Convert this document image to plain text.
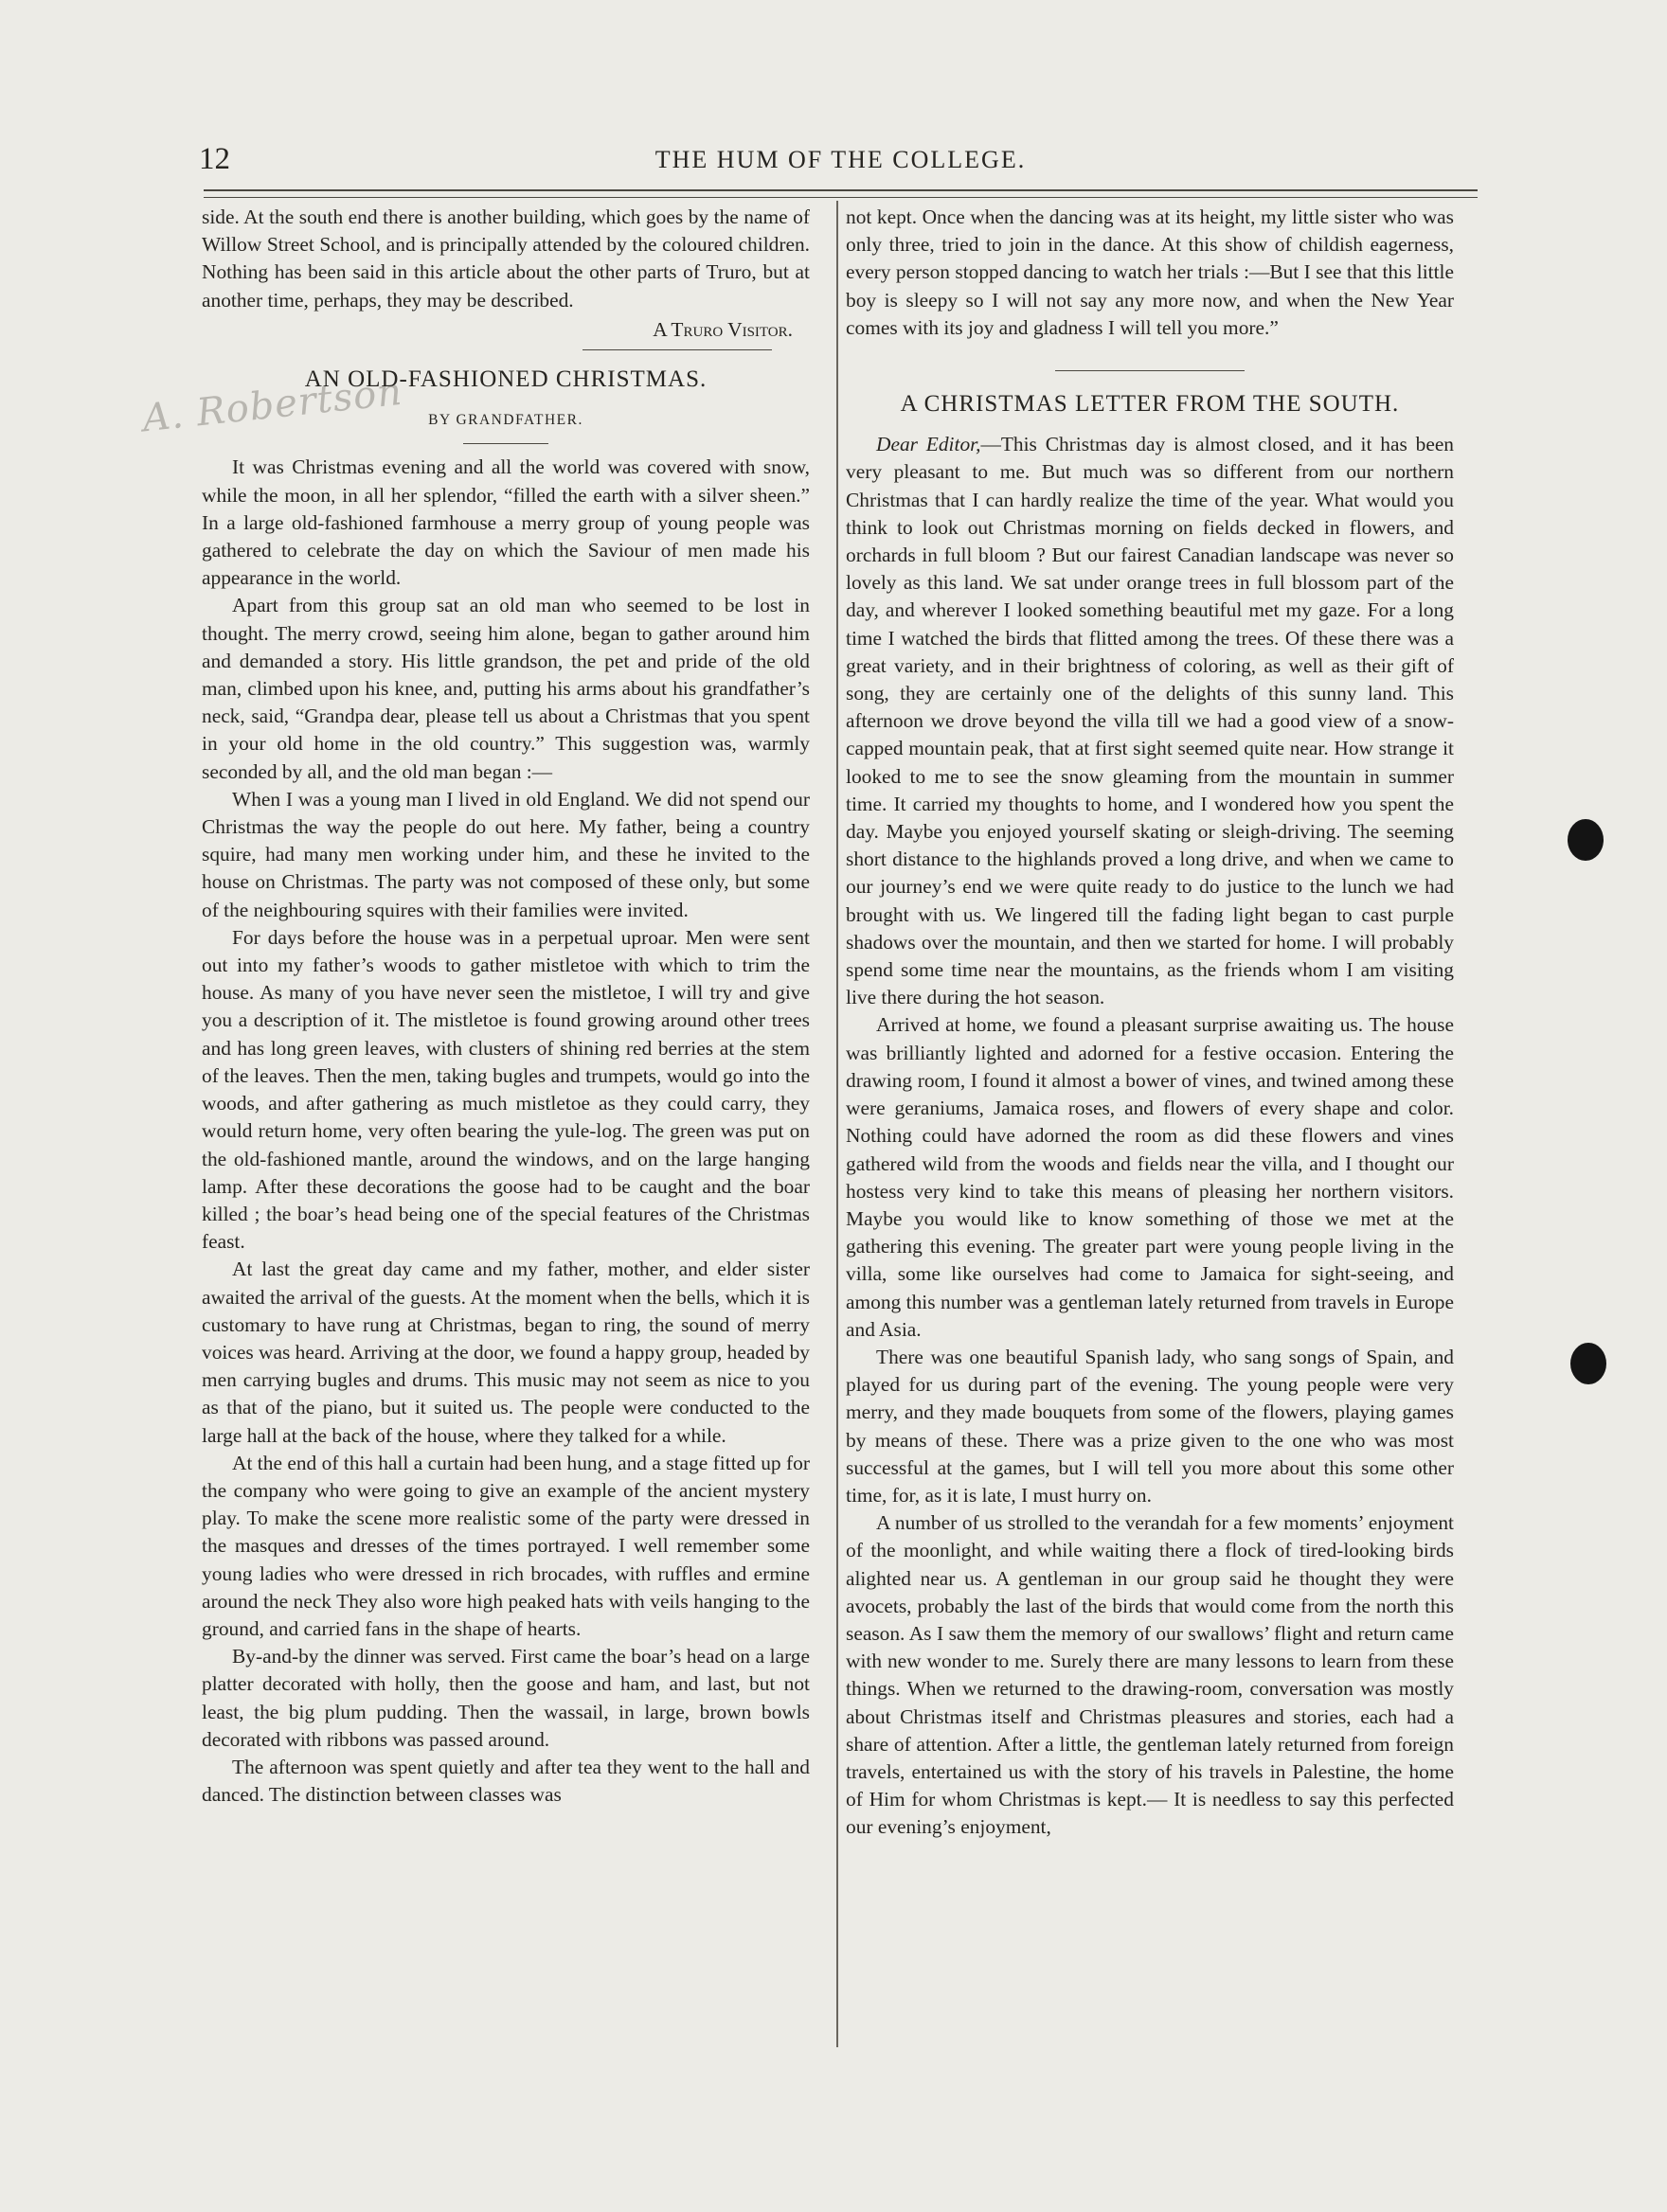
12	THE HUM OF THE COLLEGE.
A. Robertson

side. At the south end there is another building, which goes by the name of Willow Street School, and is principally attended by the coloured children. Nothing has been said in this article about the other parts of Truro, but at another time, perhaps, they may be described.

A Truro Visitor.
AN OLD-FASHIONED CHRISTMAS.
BY GRANDFATHER.

It was Christmas evening and all the world was covered with snow, while the moon, in all her splendor, “filled the earth with a silver sheen.” In a large old-fashioned farmhouse a merry group of young people was gathered to celebrate the day on which the Saviour of men made his appearance in the world.

Apart from this group sat an old man who seemed to be lost in thought. The merry crowd, seeing him alone, began to gather around him and demanded a story. His little grandson, the pet and pride of the old man, climbed upon his knee, and, putting his arms about his grandfather’s neck, said, “Grandpa dear, please tell us about a Christmas that you spent in your old home in the old country.” This suggestion was, warmly seconded by all, and the old man began :—

When I was a young man I lived in old England. We did not spend our Christmas the way the people do out here. My father, being a country squire, had many men working under him, and these he invited to the house on Christmas. The party was not composed of these only, but some of the neighbouring squires with their families were invited.

For days before the house was in a perpetual uproar. Men were sent out into my father’s woods to gather mistletoe with which to trim the house. As many of you have never seen the mistletoe, I will try and give you a description of it. The mistletoe is found growing around other trees and has long green leaves, with clusters of shining red berries at the stem of the leaves. Then the men, taking bugles and trumpets, would go into the woods, and after gathering as much mistletoe as they could carry, they would return home, very often bearing the yule-log. The green was put on the old-fashioned mantle, around the windows, and on the large hanging lamp. After these decorations the goose had to be caught and the boar killed ; the boar’s head being one of the special features of the Christmas feast.

At last the great day came and my father, mother, and elder sister awaited the arrival of the guests. At the moment when the bells, which it is customary to have rung at Christmas, began to ring, the sound of merry voices was heard. Arriving at the door, we found a happy group, headed by men carrying bugles and drums. This music may not seem as nice to you as that of the piano, but it suited us. The people were conducted to the large hall at the back of the house, where they talked for a while.

At the end of this hall a curtain had been hung, and a stage fitted up for the company who were going to give an example of the ancient mystery play. To make the scene more realistic some of the party were dressed in the masques and dresses of the times portrayed. I well remember some young ladies who were dressed in rich brocades, with ruffles and ermine around the neck They also wore high peaked hats with veils hanging to the ground, and carried fans in the shape of hearts.

By-and-by the dinner was served. First came the boar’s head on a large platter decorated with holly, then the goose and ham, and last, but not least, the big plum pudding. Then the wassail, in large, brown bowls decorated with ribbons was passed around.

The afternoon was spent quietly and after tea they went to the hall and danced. The distinction between classes was

not kept. Once when the dancing was at its height, my little sister who was only three, tried to join in the dance. At this show of childish eagerness, every person stopped dancing to watch her trials :—But I see that this little boy is sleepy so I will not say any more now, and when the New Year comes with its joy and gladness I will tell you more.”

A CHRISTMAS LETTER FROM THE SOUTH.

Dear Editor,—This Christmas day is almost closed, and it has been very pleasant to me. But much was so different from our northern Christmas that I can hardly realize the time of the year. What would you think to look out Christmas morning on fields decked in flowers, and orchards in full bloom ? But our fairest Canadian landscape was never so lovely as this land. We sat under orange trees in full blossom part of the day, and wherever I looked something beautiful met my gaze. For a long time I watched the birds that flitted among the trees. Of these there was a great variety, and in their brightness of coloring, as well as their gift of song, they are certainly one of the delights of this sunny land. This afternoon we drove beyond the villa till we had a good view of a snow-capped mountain peak, that at first sight seemed quite near. How strange it looked to me to see the snow gleaming from the mountain in summer time. It carried my thoughts to home, and I wondered how you spent the day. Maybe you enjoyed yourself skating or sleigh-driving. The seeming short distance to the highlands proved a long drive, and when we came to our journey’s end we were quite ready to do justice to the lunch we had brought with us. We lingered till the fading light began to cast purple shadows over the mountain, and then we started for home. I will probably spend some time near the mountains, as the friends whom I am visiting live there during the hot season.

Arrived at home, we found a pleasant surprise awaiting us. The house was brilliantly lighted and adorned for a festive occasion. Entering the drawing room, I found it almost a bower of vines, and twined among these were geraniums, Jamaica roses, and flowers of every shape and color. Nothing could have adorned the room as did these flowers and vines gathered wild from the woods and fields near the villa, and I thought our hostess very kind to take this means of pleasing her northern visitors. Maybe you would like to know something of those we met at the gathering this evening. The greater part were young people living in the villa, some like ourselves had come to Jamaica for sight-seeing, and among this number was a gentleman lately returned from travels in Europe and Asia.

There was one beautiful Spanish lady, who sang songs of Spain, and played for us during part of the evening. The young people were very merry, and they made bouquets from some of the flowers, playing games by means of these. There was a prize given to the one who was most successful at the games, but I will tell you more about this some other time, for, as it is late, I must hurry on.

A number of us strolled to the verandah for a few moments’ enjoyment of the moonlight, and while waiting there a flock of tired-looking birds alighted near us. A gentleman in our group said he thought they were avocets, probably the last of the birds that would come from the north this season. As I saw them the memory of our swallows’ flight and return came with new wonder to me. Surely there are many lessons to learn from these things. When we returned to the drawing-room, conversation was mostly about Christmas itself and Christmas pleasures and stories, each had a share of attention. After a little, the gentleman lately returned from foreign travels, entertained us with the story of his travels in Palestine, the home of Him for whom Christmas is kept.— It is needless to say this perfected our evening’s enjoyment,
